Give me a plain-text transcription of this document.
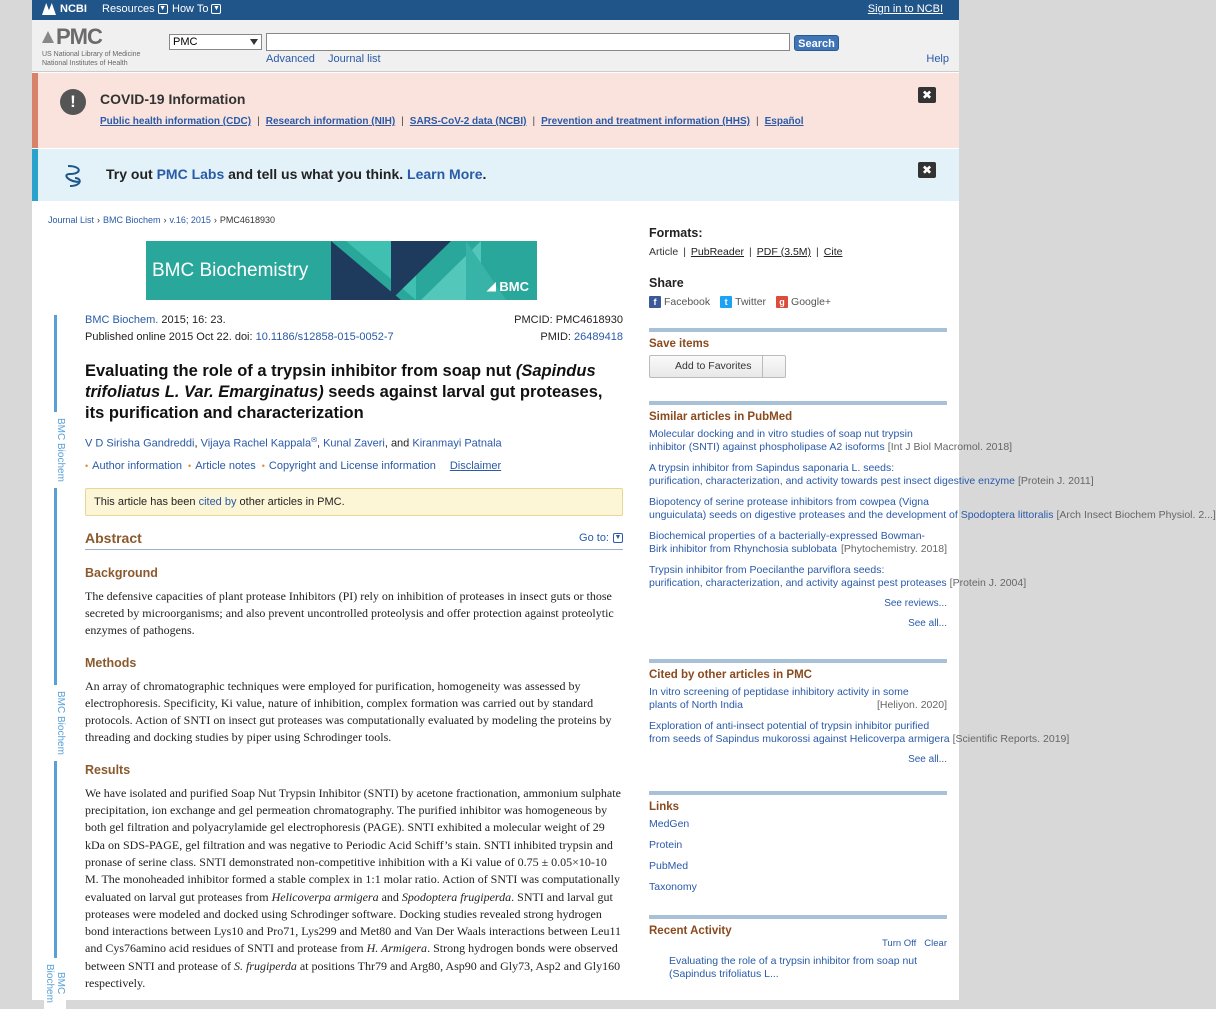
NCBI Resources ▼ How To ▼	Sign in to NCBI
PMC
US National Library of Medicine
National Institutes of Health
PMC	Search
Advanced Journal list	Help
!	COVID-19 Information
Public health information (CDC) | Research information (NIH) | SARS-CoV-2 data (NCBI) | Prevention and treatment information (HHS) | Español
✖
Try out PMC Labs and tell us what you think. Learn More.	✖
Journal List › BMC Biochem › v.16; 2015 › PMC4618930
BMC Biochemistry
BMC
BMC Biochem
BMC Biochem
BMC Biochem
BMC Biochem. 2015; 16: 23.	PMCID: PMC4618930
Published online 2015 Oct 22. doi: 10.1186/s12858-015-0052-7	PMID: 26489418
Evaluating the role of a trypsin inhibitor from soap nut (Sapindus trifoliatus L. Var. Emarginatus) seeds against larval gut proteases, its purification and characterization
V D Sirisha Gandreddi, Vijaya Rachel Kappala✉, Kunal Zaveri, and Kiranmayi Patnala
• Author information • Article notes • Copyright and License information Disclaimer
This article has been cited by other articles in PMC.
Abstract	Go to: ▼
Background

The defensive capacities of plant protease Inhibitors (PI) rely on inhibition of proteases in insect guts or those secreted by microorganisms; and also prevent uncontrolled proteolysis and offer protection against proteolytic enzymes of pathogens.

Methods

An array of chromatographic techniques were employed for purification, homogeneity was assessed by electrophoresis. Specificity, Ki value, nature of inhibition, complex formation was carried out by standard protocols. Action of SNTI on insect gut proteases was computationally evaluated by modeling the proteins by threading and docking studies by piper using Schrodinger tools.

Results

We have isolated and purified Soap Nut Trypsin Inhibitor (SNTI) by acetone fractionation, ammonium sulphate precipitation, ion exchange and gel permeation chromatography. The purified inhibitor was homogeneous by both gel filtration and polyacrylamide gel electrophoresis (PAGE). SNTI exhibited a molecular weight of 29 kDa on SDS-PAGE, gel filtration and was negative to Periodic Acid Schiff’s stain. SNTI inhibited trypsin and pronase of serine class. SNTI demonstrated non-competitive inhibition with a Ki value of 0.75 ± 0.05×10-10 M. The monoheaded inhibitor formed a stable complex in 1:1 molar ratio. Action of SNTI was computationally evaluated on larval gut proteases from Helicoverpa armigera and Spodoptera frugiperda. SNTI and larval gut proteases were modeled and docked using Schrodinger software. Docking studies revealed strong hydrogen bond interactions between Lys10 and Pro71, Lys299 and Met80 and Van Der Waals interactions between Leu11 and Cys76amino acid residues of SNTI and protease from H. Armigera. Strong hydrogen bonds were observed between SNTI and protease of S. frugiperda at positions Thr79 and Arg80, Asp90 and Gly73, Asp2 and Gly160 respectively.

Formats:
Article | PubReader | PDF (3.5M) | Cite
Share
f Facebook	t Twitter	g Google+
Save items
Add to Favorites
Similar articles in PubMed
Molecular docking and in vitro studies of soap nut trypsin
inhibitor (SNTI) against phospholipase A2 isoforms [Int J Biol Macromol. 2018]
A trypsin inhibitor from Sapindus saponaria L. seeds:
purification, characterization, and activity towards pest insect digestive enzyme [Protein J. 2011]
Biopotency of serine protease inhibitors from cowpea (Vigna
unguiculata) seeds on digestive proteases and the development of Spodoptera littoralis [Arch Insect Biochem Physiol. 2...]
Biochemical properties of a bacterially-expressed Bowman-
Birk inhibitor from Rhynchosia sublobata [Phytochemistry. 2018]
Trypsin inhibitor from Poecilanthe parviflora seeds:
purification, characterization, and activity against pest proteases [Protein J. 2004]
See reviews...
See all...
Cited by other articles in PMC
In vitro screening of peptidase inhibitory activity in some
plants of North India	[Heliyon. 2020]
Exploration of anti-insect potential of trypsin inhibitor purified
from seeds of Sapindus mukorossi against Helicoverpa armigera [Scientific Reports. 2019]
See all...
Links
MedGen
Protein
PubMed
Taxonomy
Recent Activity
Turn Off Clear
Evaluating the role of a trypsin inhibitor from soap nut (Sapindus trifoliatus L...
